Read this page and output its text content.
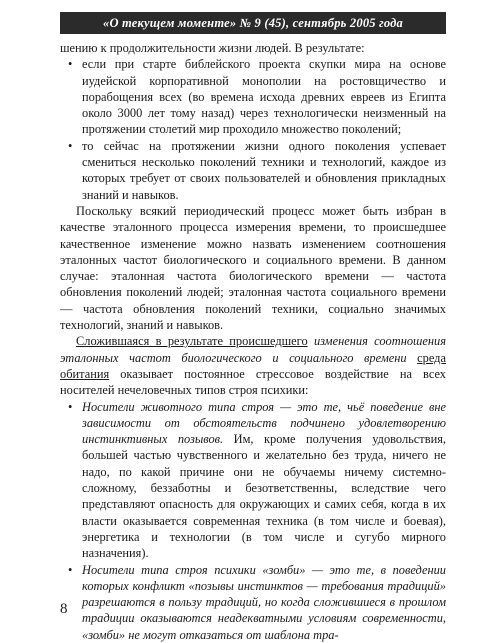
«О текущем моменте» № 9 (45), сентябрь 2005 года

шению к продолжительности жизни людей. В результате:

• если при старте библейского проекта скупки мира на основе иудейской корпоративной монополии на ростовщичество и порабощения всех (во времена исхода древних евреев из Египта около 3000 лет тому назад) через технологически неизменный на протяжении столетий мир проходило множество поколений;
• то сейчас на протяжении жизни одного поколения успевает смениться несколько поколений техники и технологий, каждое из которых требует от своих пользователей и обновления прикладных знаний и навыков.

Поскольку всякий периодический процесс может быть избран в качестве эталонного процесса измерения времени, то происшедшее качественное изменение можно назвать изменением соотношения эталонных частот биологического и социального времени. В данном случае: эталонная частота биологического времени — частота обновления поколений людей; эталонная частота социального времени — частота обновления поколений техники, социально значимых технологий, знаний и навыков.

Сложившаяся в результате происшедшего изменения соотношения эталонных частот биологического и социального времени среда обитания оказывает постоянное стрессовое воздействие на всех носителей нечеловечных типов строя психики:

• Носители животного типа строя — это те, чьё поведение вне зависимости от обстоятельств подчинено удовлетворению инстинктивных позывов. Им, кроме получения удовольствия, большей частью чувственного и желательно без труда, ничего не надо, по какой причине они не обучаемы ничему системно-сложному, беззаботны и безответственны, вследствие чего представляют опасность для окружающих и самих себя, когда в их власти оказывается современная техника (в том числе и боевая), энергетика и технологии (в том числе и сугубо мирного назначения).
• Носители типа строя психики «зомби» — это те, в поведении которых конфликт «позывы инстинктов — требования традиций» разрешаются в пользу традиций, но когда сложившиеся в прошлом традиции оказываются неадекватными условиям современности, «зомби» не могут отказаться от шаблона тра-
8
